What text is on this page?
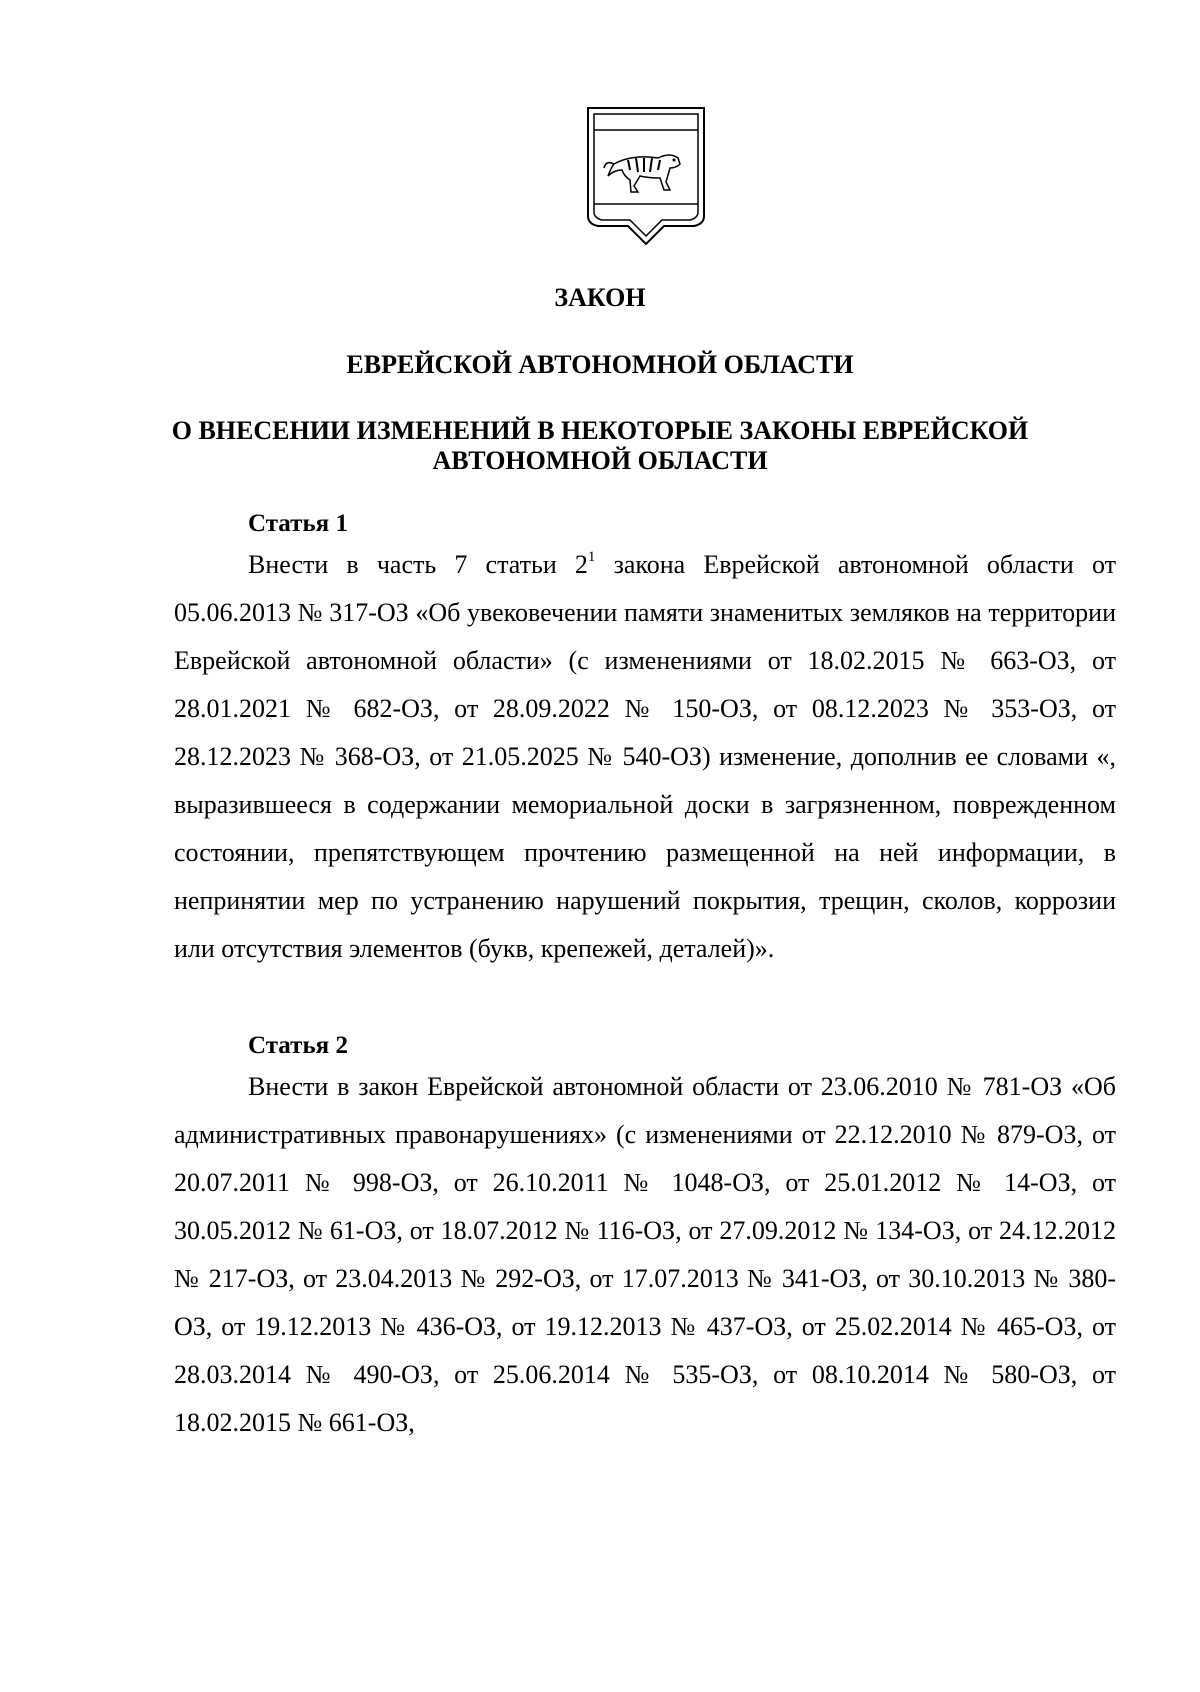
ЗАКОН
ЕВРЕЙСКОЙ АВТОНОМНОЙ ОБЛАСТИ
О ВНЕСЕНИИ ИЗМЕНЕНИЙ В НЕКОТОРЫЕ ЗАКОНЫ ЕВРЕЙСКОЙ
АВТОНОМНОЙ ОБЛАСТИ
Статья 1

Внести в часть 7 статьи $2^1$ закона Еврейской автономной области от 05.06.2013 № 317-ОЗ «Об увековечении памяти знаменитых земляков на территории Еврейской автономной области» (с изменениями от 18.02.2015 № 663-ОЗ, от 28.01.2021 № 682-ОЗ, от 28.09.2022 № 150-ОЗ, от 08.12.2023 № 353-ОЗ, от 28.12.2023 № 368-ОЗ, от 21.05.2025 № 540-ОЗ) изменение, дополнив ее словами «, выразившееся в содержании мемориальной доски в загрязненном, поврежденном состоянии, препятствующем прочтению размещенной на ней информации, в непринятии мер по устранению нарушений покрытия, трещин, сколов, коррозии или отсутствия элементов (букв, крепежей, деталей)».

Статья 2

Внести в закон Еврейской автономной области от 23.06.2010 № 781-ОЗ «Об административных правонарушениях» (с изменениями от 22.12.2010 № 879-ОЗ, от 20.07.2011 № 998-ОЗ, от 26.10.2011 № 1048-ОЗ, от 25.01.2012 № 14-ОЗ, от 30.05.2012 № 61-ОЗ, от 18.07.2012 № 116-ОЗ, от 27.09.2012 № 134-ОЗ, от 24.12.2012 № 217-ОЗ, от 23.04.2013 № 292-ОЗ, от 17.07.2013 № 341-ОЗ, от 30.10.2013 № 380-ОЗ, от 19.12.2013 № 436-ОЗ, от 19.12.2013 № 437-ОЗ, от 25.02.2014 № 465-ОЗ, от 28.03.2014 № 490-ОЗ, от 25.06.2014 № 535-ОЗ, от 08.10.2014 № 580-ОЗ, от 18.02.2015 № 661-ОЗ,
